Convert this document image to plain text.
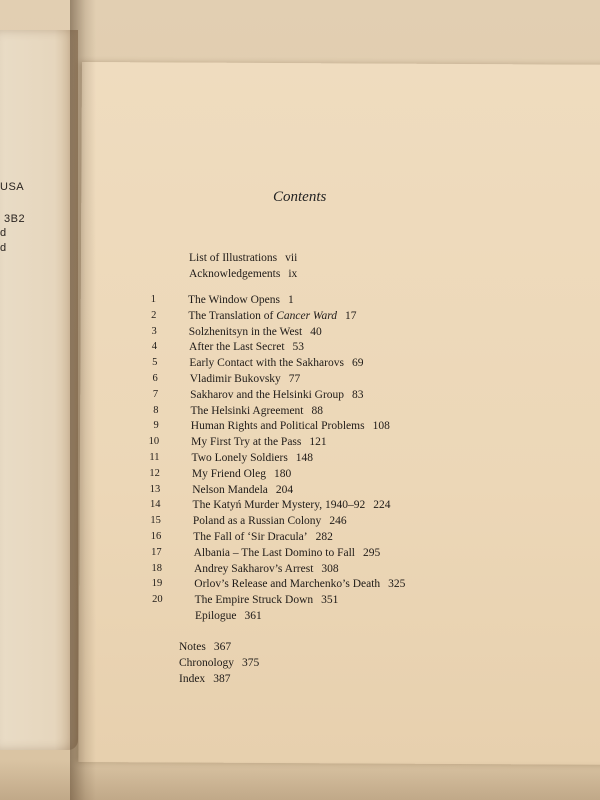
USA
3B2
d
d
Contents
List of Illustrations vii
Acknowledgements ix
1	The Window Opens 1
2	The Translation of Cancer Ward 17
3	Solzhenitsyn in the West 40
4	After the Last Secret 53
5	Early Contact with the Sakharovs 69
6	Vladimir Bukovsky 77
7	Sakharov and the Helsinki Group 83
8	The Helsinki Agreement 88
9	Human Rights and Political Problems 108
10	My First Try at the Pass 121
11	Two Lonely Soldiers 148
12	My Friend Oleg 180
13	Nelson Mandela 204
14	The Katyń Murder Mystery, 1940–92 224
15	Poland as a Russian Colony 246
16	The Fall of ‘Sir Dracula’ 282
17	Albania – The Last Domino to Fall 295
18	Andrey Sakharov’s Arrest 308
19	Orlov’s Release and Marchenko’s Death 325
20	The Empire Struck Down 351
Epilogue 361
Notes 367
Chronology 375
Index 387
